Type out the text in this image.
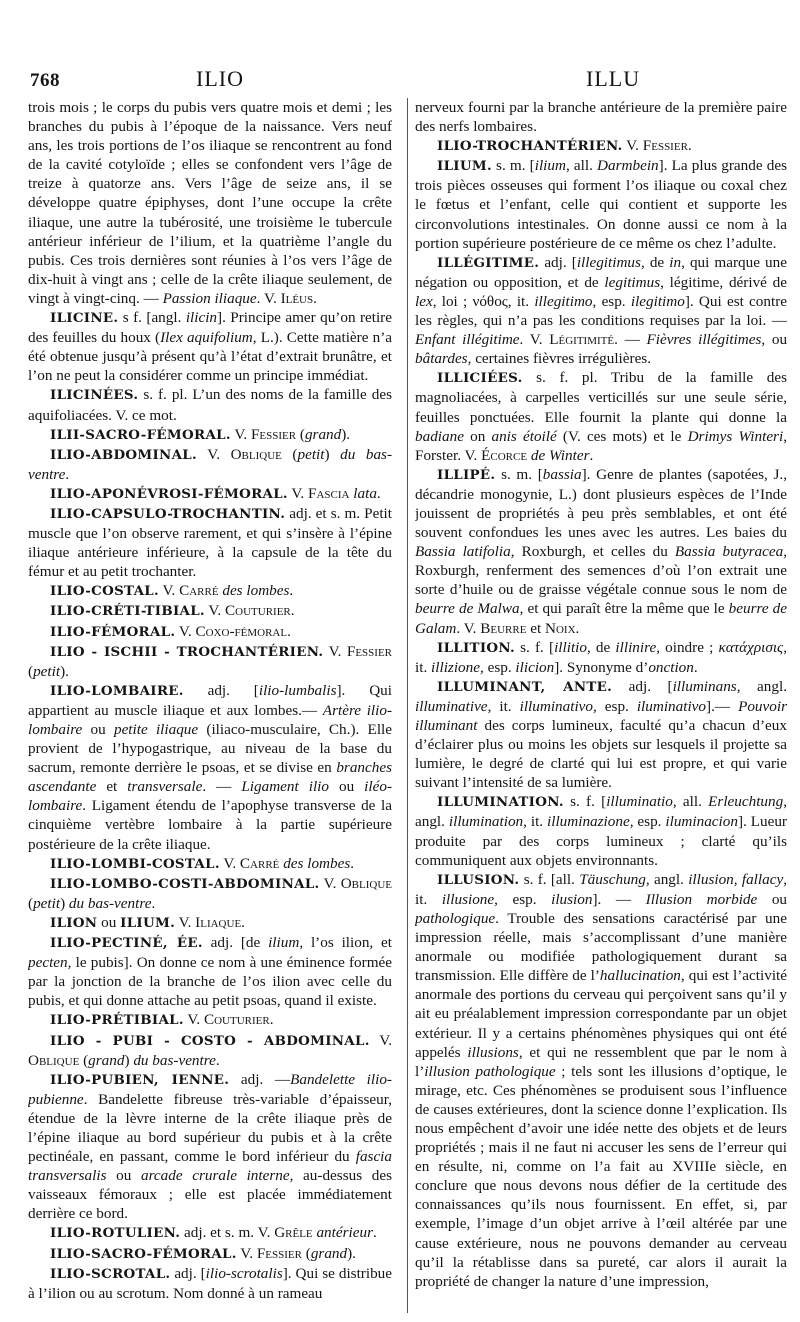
768	ILIO	ILLU

trois mois ; le corps du pubis vers quatre mois et demi ; les branches du pubis à l’époque de la naissance. Vers neuf ans, les trois portions de l’os iliaque se rencontrent au fond de la cavité cotyloïde ; elles se confondent vers l’âge de treize à quatorze ans. Vers l’âge de seize ans, il se développe quatre épiphyses, dont l’une occupe la crête iliaque, une autre la tubérosité, une troisième le tubercule antérieur inférieur de l’ilium, et la quatrième l’angle du pubis. Ces trois dernières sont réunies à l’os vers l’âge de dix-huit à vingt ans ; celle de la crête iliaque seulement, de vingt à vingt-cinq. — Passion iliaque. V. Iléus.

ILICINE. s f. [angl. ilicin]. Principe amer qu’on retire des feuilles du houx (Ilex aquifolium, L.). Cette matière n’a été obtenue jusqu’à présent qu’à l’état d’extrait brunâtre, et l’on ne peut la considérer comme un principe immédiat.

ILICINÉES. s. f. pl. L’un des noms de la famille des aquifoliacées. V. ce mot.

ILII-SACRO-FÉMORAL. V. Fessier (grand).

ILIO-ABDOMINAL. V. Oblique (petit) du bas-ventre.

ILIO-APONÉVROSI-FÉMORAL. V. Fascia lata.

ILIO-CAPSULO-TROCHANTIN. adj. et s. m. Petit muscle que l’on observe rarement, et qui s’insère à l’épine iliaque antérieure inférieure, à la capsule de la tête du fémur et au petit trochanter.

ILIO-COSTAL. V. Carré des lombes.

ILIO-CRÉTI-TIBIAL. V. Couturier.

ILIO-FÉMORAL. V. Coxo-fémoral.

ILIO - ISCHII - TROCHANTÉRIEN. V. Fessier (petit).

ILIO-LOMBAIRE. adj. [ilio-lumbalis]. Qui appartient au muscle iliaque et aux lombes.— Artère ilio-lombaire ou petite iliaque (iliaco-musculaire, Ch.). Elle provient de l’hypogastrique, au niveau de la base du sacrum, remonte derrière le psoas, et se divise en branches ascendante et transversale. — Ligament ilio ou iléo-lombaire. Ligament étendu de l’apophyse transverse de la cinquième vertèbre lombaire à la partie supérieure postérieure de la crête iliaque.

ILIO-LOMBI-COSTAL. V. Carré des lombes.

ILIO-LOMBO-COSTI-ABDOMINAL. V. Oblique (petit) du bas-ventre.

ILION ou ILIUM. V. Iliaque.

ILIO-PECTINÉ, ÉE. adj. [de ilium, l’os ilion, et pecten, le pubis]. On donne ce nom à une éminence formée par la jonction de la branche de l’os ilion avec celle du pubis, et qui donne attache au petit psoas, quand il existe.

ILIO-PRÉTIBIAL. V. Couturier.

ILIO - PUBI - COSTO - ABDOMINAL. V. Oblique (grand) du bas-ventre.

ILIO-PUBIEN, IENNE. adj. —Bandelette ilio-pubienne. Bandelette fibreuse très-variable d’épaisseur, étendue de la lèvre interne de la crête iliaque près de l’épine iliaque au bord supérieur du pubis et à la crête pectinéale, en passant, comme le bord inférieur du fascia transversalis ou arcade crurale interne, au-dessus des vaisseaux fémoraux ; elle est placée immédiatement derrière ce bord.

ILIO-ROTULIEN. adj. et s. m. V. Grêle antérieur.

ILIO-SACRO-FÉMORAL. V. Fessier (grand).

ILIO-SCROTAL. adj. [ilio-scrotalis]. Qui se distribue à l’ilion ou au scrotum. Nom donné à un rameau

nerveux fourni par la branche antérieure de la première paire des nerfs lombaires.

ILIO-TROCHANTÉRIEN. V. Fessier.

ILIUM. s. m. [ilium, all. Darmbein]. La plus grande des trois pièces osseuses qui forment l’os iliaque ou coxal chez le fœtus et l’enfant, celle qui contient et supporte les circonvolutions intestinales. On donne aussi ce nom à la portion supérieure postérieure de ce même os chez l’adulte.

ILLÉGITIME. adj. [illegitimus, de in, qui marque une négation ou opposition, et de legitimus, légitime, dérivé de lex, loi ; νόθος, it. illegitimo, esp. ilegitimo]. Qui est contre les règles, qui n’a pas les conditions requises par la loi. — Enfant illégitime. V. Légitimité. — Fièvres illégitimes, ou bâtardes, certaines fièvres irrégulières.

ILLICIÉES. s. f. pl. Tribu de la famille des magnoliacées, à carpelles verticillés sur une seule série, feuilles ponctuées. Elle fournit la plante qui donne la badiane on anis étoilé (V. ces mots) et le Drimys Winteri, Forster. V. Écorce de Winter.

ILLIPÉ. s. m. [bassia]. Genre de plantes (sapotées, J., décandrie monogynie, L.) dont plusieurs espèces de l’Inde jouissent de propriétés à peu près semblables, et ont été souvent confondues les unes avec les autres. Les baies du Bassia latifolia, Roxburgh, et celles du Bassia butyracea, Roxburgh, renferment des semences d’où l’on extrait une sorte d’huile ou de graisse végétale connue sous le nom de beurre de Malwa, et qui paraît être la même que le beurre de Galam. V. Beurre et Noix.

ILLITION. s. f. [illitio, de illinire, oindre ; κατάχρισις, it. illizione, esp. ilicion]. Synonyme d’onction.

ILLUMINANT, ANTE. adj. [illuminans, angl. illuminative, it. illuminativo, esp. iluminativo].— Pouvoir illuminant des corps lumineux, faculté qu’a chacun d’eux d’éclairer plus ou moins les objets sur lesquels il projette sa lumière, le degré de clarté qui lui est propre, et qui varie suivant l’intensité de sa lumière.

ILLUMINATION. s. f. [illuminatio, all. Erleuchtung, angl. illumination, it. illuminazione, esp. iluminacion]. Lueur produite par des corps lumineux ; clarté qu’ils communiquent aux objets environnants.

ILLUSION. s. f. [all. Täuschung, angl. illusion, fallacy, it. illusione, esp. ilusion]. — Illusion morbide ou pathologique. Trouble des sensations caractérisé par une impression réelle, mais s’accomplissant d’une manière anormale ou modifiée pathologiquement durant sa transmission. Elle diffère de l’hallucination, qui est l’activité anormale des portions du cerveau qui perçoivent sans qu’il y ait eu préalablement impression correspondante par un objet extérieur. Il y a certains phénomènes physiques qui ont été appelés illusions, et qui ne ressemblent que par le nom à l’illusion pathologique ; tels sont les illusions d’optique, le mirage, etc. Ces phénomènes se produisent sous l’influence de causes extérieures, dont la science donne l’explication. Ils nous empêchent d’avoir une idée nette des objets et de leurs propriétés ; mais il ne faut ni accuser les sens de l’erreur qui en résulte, ni, comme on l’a fait au XVIIIe siècle, en conclure que nous devons nous défier de la certitude des connaissances qu’ils nous fournissent. En effet, si, par exemple, l’image d’un objet arrive à l’œil altérée par une cause extérieure, nous ne pouvons demander au cerveau qu’il la rétablisse dans sa pureté, car alors il aurait la propriété de changer la nature d’une impression,
